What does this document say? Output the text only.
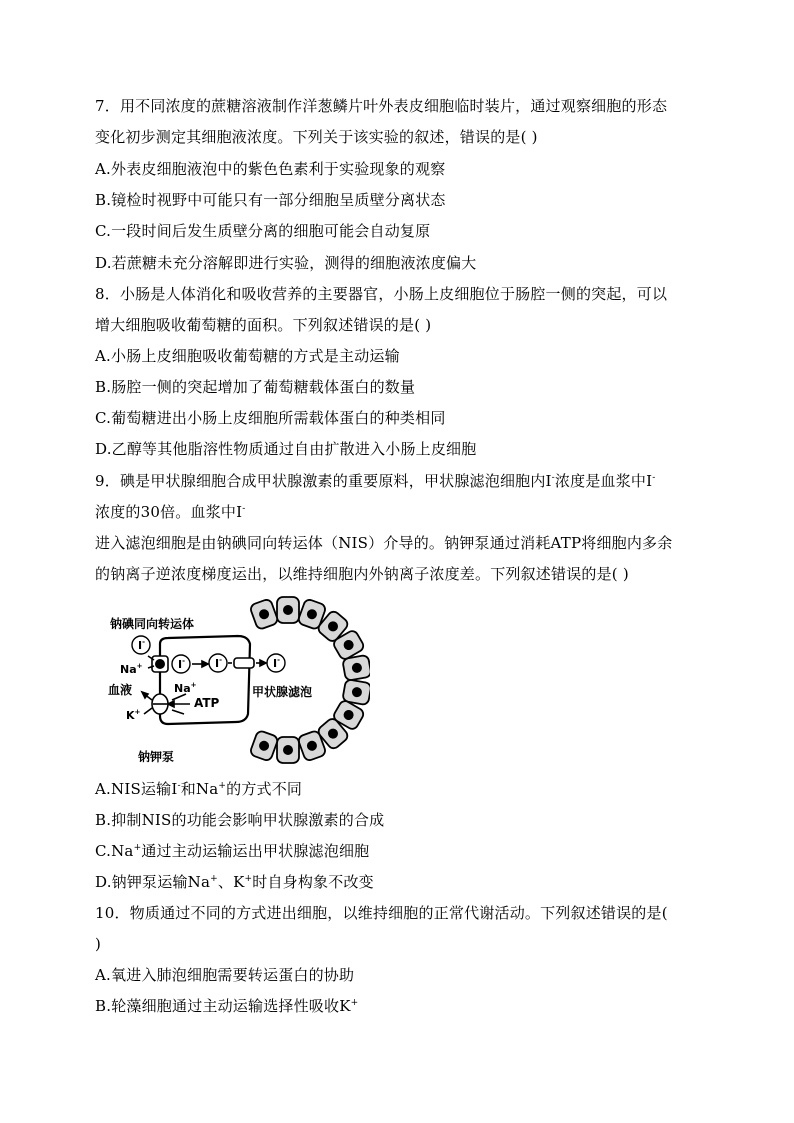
7．用不同浓度的蔗糖溶液制作洋葱鳞片叶外表皮细胞临时装片，通过观察细胞的形态
变化初步测定其细胞液浓度。下列关于该实验的叙述，错误的是( )
A.外表皮细胞液泡中的紫色色素利于实验现象的观察
B.镜检时视野中可能只有一部分细胞呈质壁分离状态
C.一段时间后发生质壁分离的细胞可能会自动复原
D.若蔗糖未充分溶解即进行实验，测得的细胞液浓度偏大
8．小肠是人体消化和吸收营养的主要器官，小肠上皮细胞位于肠腔一侧的突起，可以
增大细胞吸收葡萄糖的面积。下列叙述错误的是( )
A.小肠上皮细胞吸收葡萄糖的方式是主动运输
B.肠腔一侧的突起增加了葡萄糖载体蛋白的数量
C.葡萄糖进出小肠上皮细胞所需载体蛋白的种类相同
D.乙醇等其他脂溶性物质通过自由扩散进入小肠上皮细胞
9．碘是甲状腺细胞合成甲状腺激素的重要原料，甲状腺滤泡细胞内I-浓度是血浆中I-
浓度的30倍。血浆中I-
进入滤泡细胞是由钠碘同向转运体（NIS）介导的。钠钾泵通过消耗ATP将细胞内多余
的钠离子逆浓度梯度运出，以维持细胞内外钠离子浓度差。下列叙述错误的是( )
I-
I-	I-	I-
钠碘同向转运体
Na+
血液
K+
Na+
ATP
甲状腺滤泡
钠钾泵
A.NIS运输I-和Na+的方式不同
B.抑制NIS的功能会影响甲状腺激素的合成
C.Na+通过主动运输运出甲状腺滤泡细胞
D.钠钾泵运输Na+、K+时自身构象不改变
10．物质通过不同的方式进出细胞，以维持细胞的正常代谢活动。下列叙述错误的是(
)
A.氧进入肺泡细胞需要转运蛋白的协助
B.轮藻细胞通过主动运输选择性吸收K+
